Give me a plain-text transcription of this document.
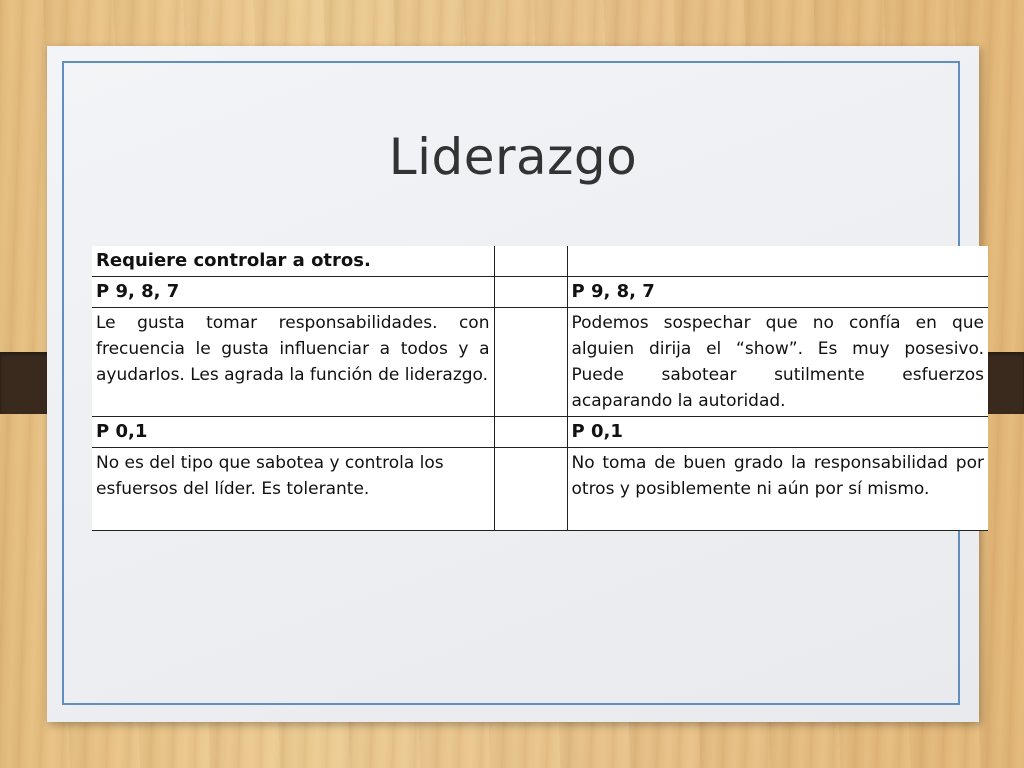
Liderazgo
Requiere controlar a otros.		
P 9, 8, 7		P 9, 8, 7
Le gusta tomar responsabilidades. con frecuencia le gusta influenciar a todos y a ayudarlos. Les agrada la función de liderazgo.		Podemos sospechar que no confía en que alguien dirija el “show”. Es muy posesivo. Puede sabotear sutilmente esfuerzos acaparando la autoridad.
P 0,1		P 0,1
No es del tipo que sabotea y controla los esfuersos del líder. Es tolerante.		No toma de buen grado la responsabilidad por otros y posiblemente ni aún por sí mismo.
